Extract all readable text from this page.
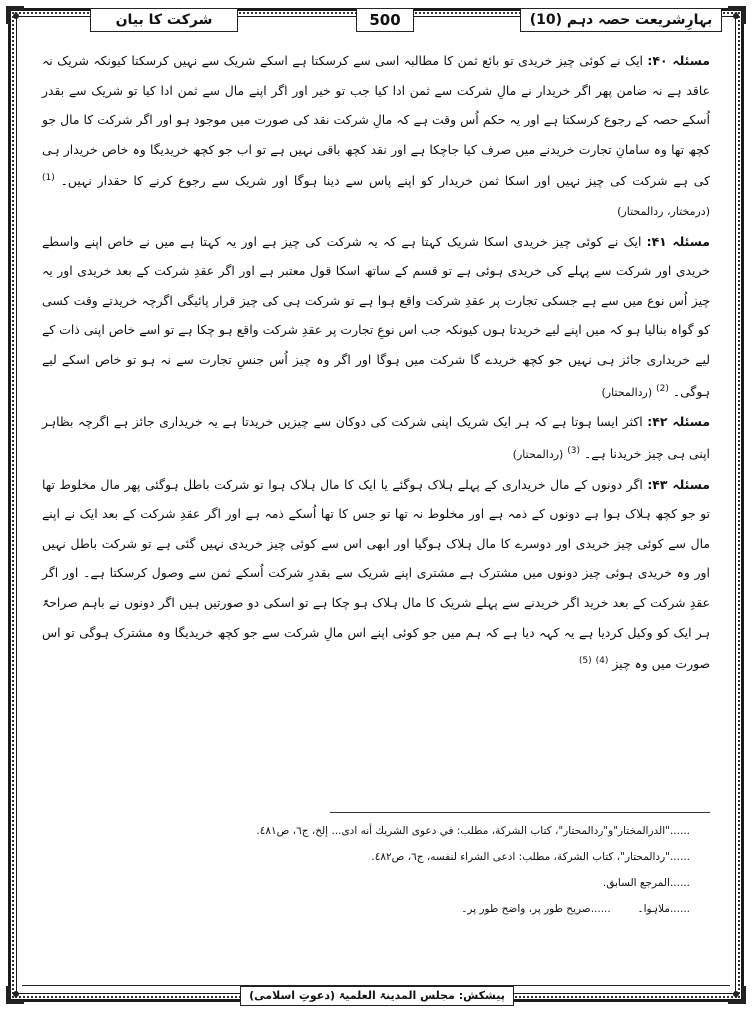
بہارِشریعت حصہ دہم (10)
500
شرکت کا بیان

مسئلہ ۴۰: ایک نے کوئی چیز خریدی تو بائع ثمن کا مطالبہ اسی سے کرسکتا ہے اسکے شریک سے نہیں کرسکتا کیونکہ شریک نہ عاقد ہے نہ ضامن پھر اگر خریدار نے مالِ شرکت سے ثمن ادا کیا جب تو خیر اور اگر اپنے مال سے ثمن ادا کیا تو شریک سے بقدر اُسکے حصہ کے رجوع کرسکتا ہے اور یہ حکم اُس وقت ہے کہ مالِ شرکت نقد کی صورت میں موجود ہو اور اگر شرکت کا مال جو کچھ تھا وہ سامانِ تجارت خریدنے میں صرف کیا جاچکا ہے اور نقد کچھ باقی نہیں ہے تو اب جو کچھ خریدیگا وہ خاص خریدار ہی کی ہے شرکت کی چیز نہیں اور اسکا ثمن خریدار کو اپنے پاس سے دینا ہوگا اور شریک سے رجوع کرنے کا حقدار نہیں۔ $^{(1)}$ (درمختار، ردالمحتار)

مسئلہ ۴۱: ایک نے کوئی چیز خریدی اسکا شریک کہتا ہے کہ یہ شرکت کی چیز ہے اور یہ کہتا ہے میں نے خاص اپنے واسطے خریدی اور شرکت سے پہلے کی خریدی ہوئی ہے تو قسم کے ساتھ اسکا قول معتبر ہے اور اگر عقدِ شرکت کے بعد خریدی اور یہ چیز اُس نوع میں سے ہے جسکی تجارت پر عقدِ شرکت واقع ہوا ہے تو شرکت ہی کی چیز قرار پائیگی اگرچہ خریدتے وقت کسی کو گواہ بنالیا ہو کہ میں اپنے لیے خریدتا ہوں کیونکہ جب اس نوعِ تجارت پر عقدِ شرکت واقع ہو چکا ہے تو اسے خاص اپنی ذات کے لیے خریداری جائز ہی نہیں جو کچھ خریدے گا شرکت میں ہوگا اور اگر وہ چیز اُس جنسِ تجارت سے نہ ہو تو خاص اسکے لیے ہوگی۔ $^{(2)}$ (ردالمحتار)

مسئلہ ۴۲: اکثر ایسا ہوتا ہے کہ ہر ایک شریک اپنی شرکت کی دوکان سے چیزیں خریدتا ہے یہ خریداری جائز ہے اگرچہ بظاہر اپنی ہی چیز خریدنا ہے۔ $^{(3)}$ (ردالمحتار)

مسئلہ ۴۳: اگر دونوں کے مال خریداری کے پہلے ہلاک ہوگئے یا ایک کا مال ہلاک ہوا تو شرکت باطل ہوگئی پھر مال مخلوط تھا تو جو کچھ ہلاک ہوا ہے دونوں کے ذمہ ہے اور مخلوط نہ تھا تو جس کا تھا اُسکے ذمہ ہے اور اگر عقدِ شرکت کے بعد ایک نے اپنے مال سے کوئی چیز خریدی اور دوسرے کا مال ہلاک ہوگیا اور ابھی اس سے کوئی چیز خریدی نہیں گئی ہے تو شرکت باطل نہیں اور وہ خریدی ہوئی چیز دونوں میں مشترک ہے مشتری اپنے شریک سے بقدرِ شرکت اُسکے ثمن سے وصول کرسکتا ہے۔ اور اگر عقدِ شرکت کے بعد خرید اگر خریدنے سے پہلے شریک کا مال ہلاک ہو چکا ہے تو اسکی دو صورتیں ہیں اگر دونوں نے باہم صراحۃً ہر ایک کو وکیل کردیا ہے یہ کہہ دیا ہے کہ ہم میں جو کوئی اپنے اس مالِ شرکت سے جو کچھ خریدیگا وہ مشترک ہوگی تو اس صورت میں وہ چیز $^{(4)}$ $^{(5)}$

......"الدرالمختار"و"ردالمحتار"، كتاب الشركة، مطلب: في دعوى الشريك أنه ادى... إلخ، ج٦، ص٤٨١.
......"ردالمحتار"، كتاب الشركة، مطلب: ادعى الشراء لنفسه، ج٦، ص٤٨٢.
......المرجع السابق.
......ملاہوا۔        ......صریح طور پر، واضح طور پر۔
پیشکش: مجلس المدینۃ العلمیۃ (دعوتِ اسلامی)
